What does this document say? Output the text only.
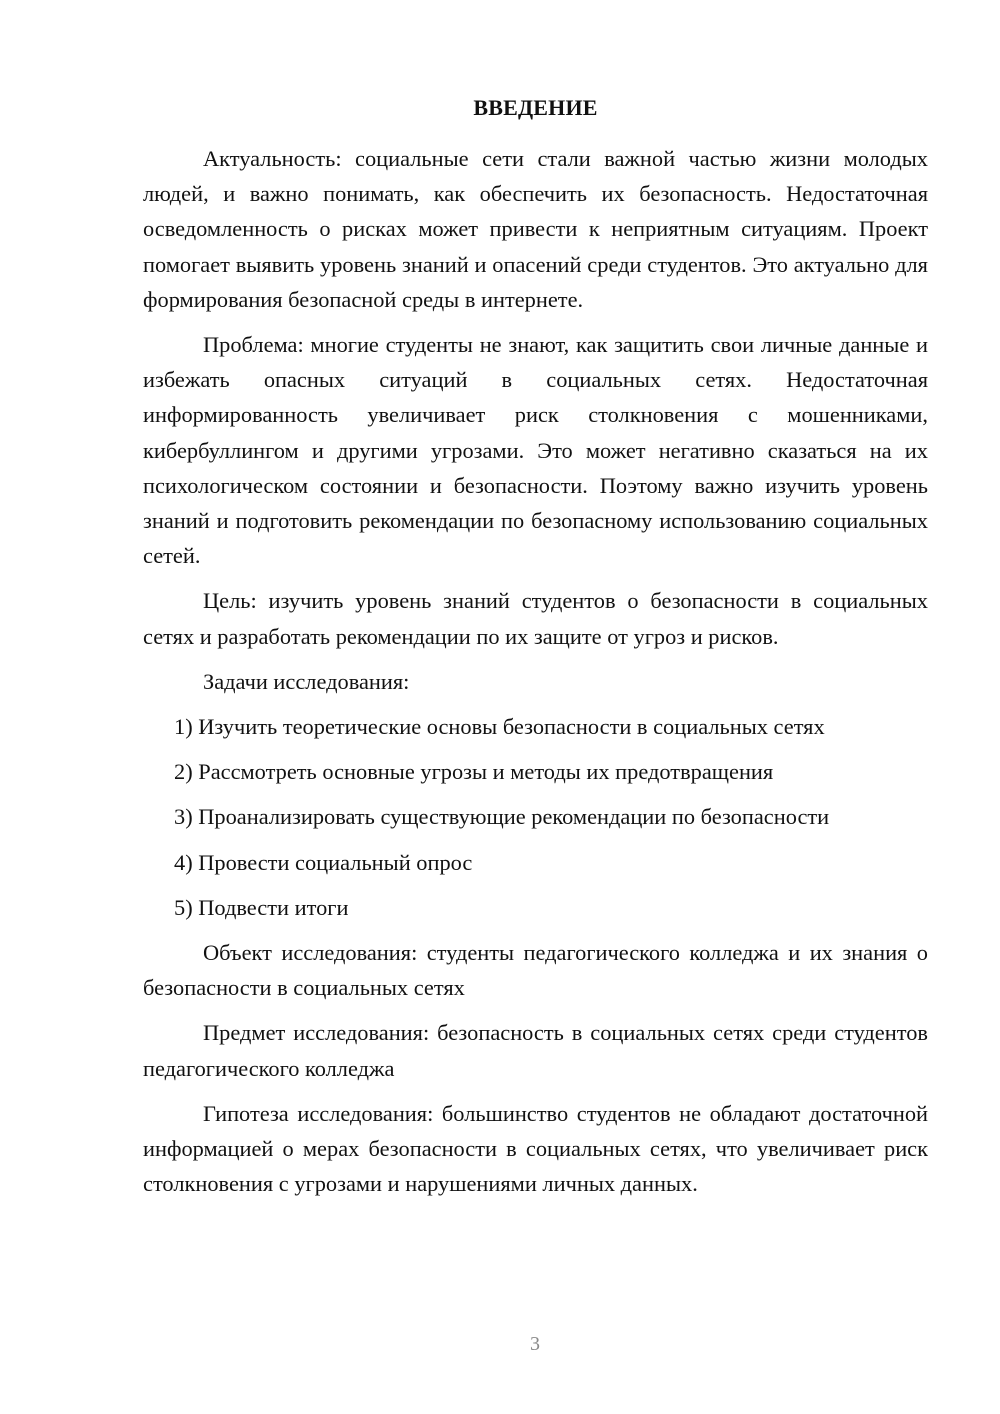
ВВЕДЕНИЕ

Актуальность: социальные сети стали важной частью жизни молодых людей, и важно понимать, как обеспечить их безопасность. Недостаточная осведомленность о рисках может привести к неприятным ситуациям. Проект помогает выявить уровень знаний и опасений среди студентов. Это актуально для формирования безопасной среды в интернете.

Проблема: многие студенты не знают, как защитить свои личные данные и избежать опасных ситуаций в социальных сетях. Недостаточная информированность увеличивает риск столкновения с мошенниками, кибербуллингом и другими угрозами. Это может негативно сказаться на их психологическом состоянии и безопасности. Поэтому важно изучить уровень знаний и подготовить рекомендации по безопасному использованию социальных сетей.

Цель: изучить уровень знаний студентов о безопасности в социальных сетях и разработать рекомендации по их защите от угроз и рисков.

Задачи исследования:

1) Изучить теоретические основы безопасности в социальных сетях

2) Рассмотреть основные угрозы и методы их предотвращения

3) Проанализировать существующие рекомендации по безопасности

4) Провести социальный опрос

5) Подвести итоги

Объект исследования: студенты педагогического колледжа и их знания о безопасности в социальных сетях

Предмет исследования: безопасность в социальных сетях среди студентов педагогического колледжа

Гипотеза исследования: большинство студентов не обладают достаточной информацией о мерах безопасности в социальных сетях, что увеличивает риск столкновения с угрозами и нарушениями личных данных.

3
